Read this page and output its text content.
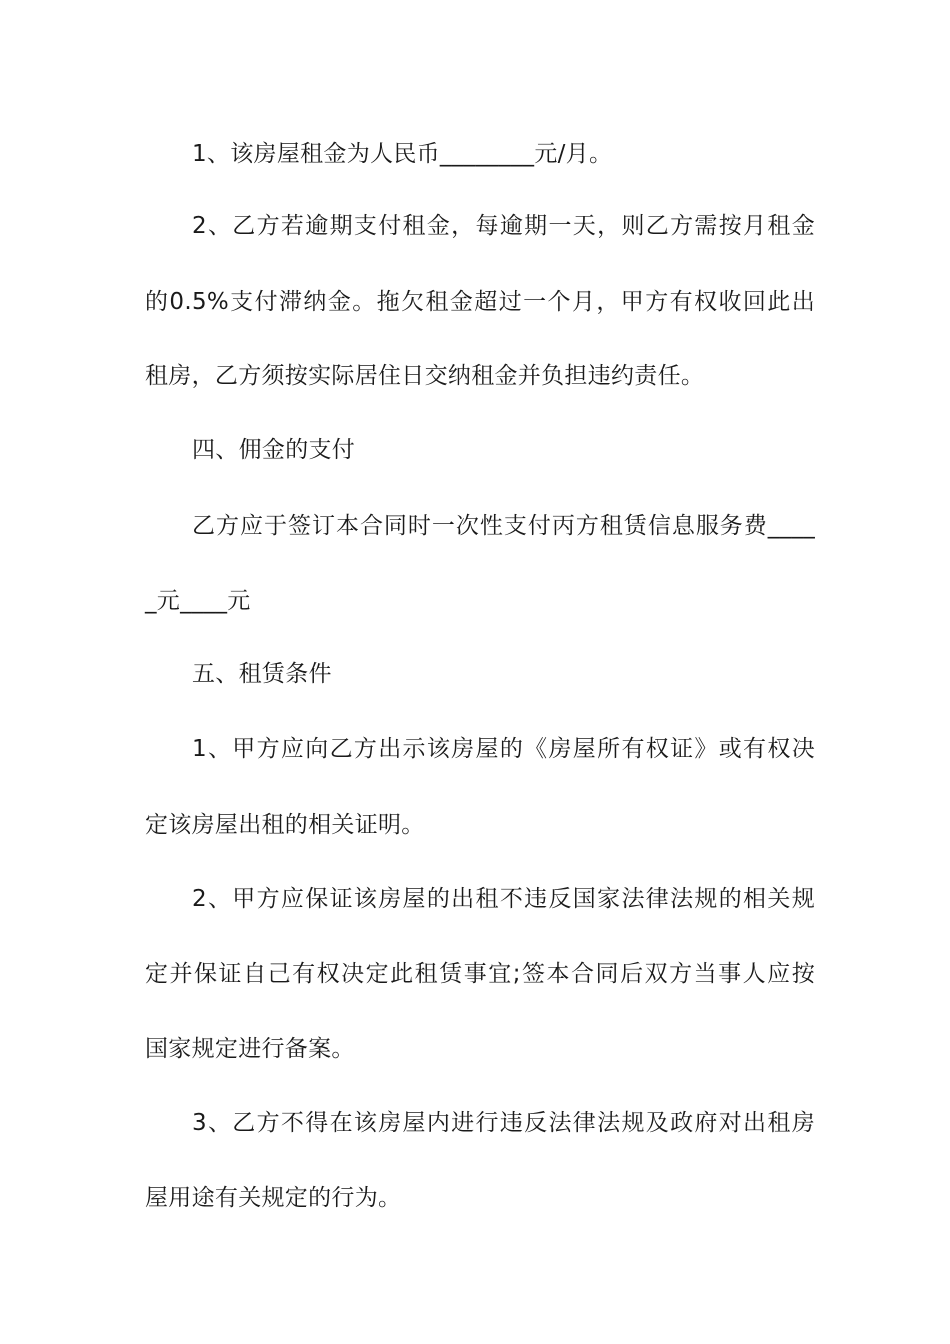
1、该房屋租金为人民币________元/月。
2、乙方若逾期支付租金，每逾期一天，则乙方需按月租金
的0.5%支付滞纳金。拖欠租金超过一个月，甲方有权收回此出
租房，乙方须按实际居住日交纳租金并负担违约责任。
四、佣金的支付
乙方应于签订本合同时一次性支付丙方租赁信息服务费____
_元____元
五、租赁条件
1、甲方应向乙方出示该房屋的《房屋所有权证》或有权决
定该房屋出租的相关证明。
2、甲方应保证该房屋的出租不违反国家法律法规的相关规
定并保证自己有权决定此租赁事宜;签本合同后双方当事人应按
国家规定进行备案。
3、乙方不得在该房屋内进行违反法律法规及政府对出租房
屋用途有关规定的行为。
